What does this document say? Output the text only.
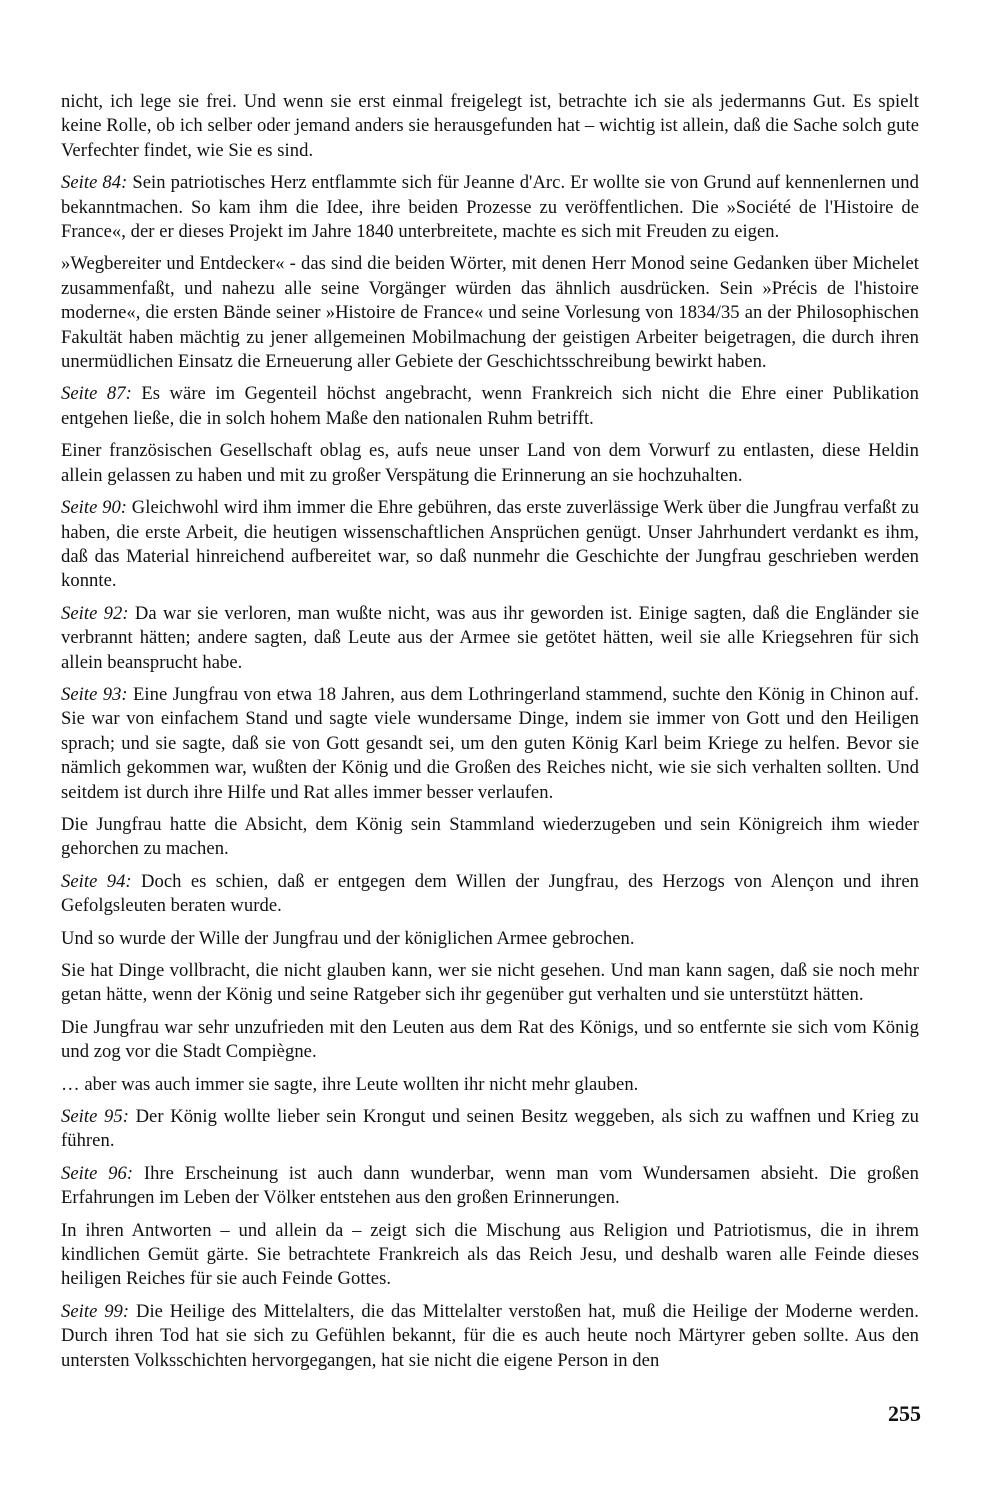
nicht, ich lege sie frei. Und wenn sie erst einmal freigelegt ist, betrachte ich sie als jedermanns Gut. Es spielt keine Rolle, ob ich selber oder jemand anders sie herausgefunden hat – wichtig ist allein, daß die Sache solch gute Verfechter findet, wie Sie es sind.

Seite 84: Sein patriotisches Herz entflammte sich für Jeanne d'Arc. Er wollte sie von Grund auf kennenlernen und bekanntmachen. So kam ihm die Idee, ihre beiden Prozesse zu veröffentlichen. Die »Société de l'Histoire de France«, der er dieses Projekt im Jahre 1840 unterbreitete, machte es sich mit Freuden zu eigen.

»Wegbereiter und Entdecker« - das sind die beiden Wörter, mit denen Herr Monod seine Gedanken über Michelet zusammenfaßt, und nahezu alle seine Vorgänger würden das ähnlich ausdrücken. Sein »Précis de l'histoire moderne«, die ersten Bände seiner »Histoire de France« und seine Vorlesung von 1834/35 an der Philosophischen Fakultät haben mächtig zu jener allgemeinen Mobilmachung der geistigen Arbeiter beigetragen, die durch ihren unermüdlichen Einsatz die Erneuerung aller Gebiete der Geschichtsschreibung bewirkt haben.

Seite 87: Es wäre im Gegenteil höchst angebracht, wenn Frankreich sich nicht die Ehre einer Publikation entgehen ließe, die in solch hohem Maße den nationalen Ruhm betrifft.

Einer französischen Gesellschaft oblag es, aufs neue unser Land von dem Vorwurf zu entlasten, diese Heldin allein gelassen zu haben und mit zu großer Verspätung die Erinnerung an sie hochzuhalten.

Seite 90: Gleichwohl wird ihm immer die Ehre gebühren, das erste zuverlässige Werk über die Jungfrau verfaßt zu haben, die erste Arbeit, die heutigen wissenschaftlichen Ansprüchen genügt. Unser Jahrhundert verdankt es ihm, daß das Material hinreichend aufbereitet war, so daß nunmehr die Geschichte der Jungfrau geschrieben werden konnte.

Seite 92: Da war sie verloren, man wußte nicht, was aus ihr geworden ist. Einige sagten, daß die Engländer sie verbrannt hätten; andere sagten, daß Leute aus der Armee sie getötet hätten, weil sie alle Kriegsehren für sich allein beansprucht habe.

Seite 93: Eine Jungfrau von etwa 18 Jahren, aus dem Lothringerland stammend, suchte den König in Chinon auf. Sie war von einfachem Stand und sagte viele wundersame Dinge, indem sie immer von Gott und den Heiligen sprach; und sie sagte, daß sie von Gott gesandt sei, um den guten König Karl beim Kriege zu helfen. Bevor sie nämlich gekommen war, wußten der König und die Großen des Reiches nicht, wie sie sich verhalten sollten. Und seitdem ist durch ihre Hilfe und Rat alles immer besser verlaufen.

Die Jungfrau hatte die Absicht, dem König sein Stammland wiederzugeben und sein Königreich ihm wieder gehorchen zu machen.

Seite 94: Doch es schien, daß er entgegen dem Willen der Jungfrau, des Herzogs von Alençon und ihren Gefolgsleuten beraten wurde.

Und so wurde der Wille der Jungfrau und der königlichen Armee gebrochen.

Sie hat Dinge vollbracht, die nicht glauben kann, wer sie nicht gesehen. Und man kann sagen, daß sie noch mehr getan hätte, wenn der König und seine Ratgeber sich ihr gegenüber gut verhalten und sie unterstützt hätten.

Die Jungfrau war sehr unzufrieden mit den Leuten aus dem Rat des Königs, und so entfernte sie sich vom König und zog vor die Stadt Compiègne.

… aber was auch immer sie sagte, ihre Leute wollten ihr nicht mehr glauben.

Seite 95: Der König wollte lieber sein Krongut und seinen Besitz weggeben, als sich zu waffnen und Krieg zu führen.

Seite 96: Ihre Erscheinung ist auch dann wunderbar, wenn man vom Wundersamen absieht. Die großen Erfahrungen im Leben der Völker entstehen aus den großen Erinnerungen.

In ihren Antworten – und allein da – zeigt sich die Mischung aus Religion und Patriotismus, die in ihrem kindlichen Gemüt gärte. Sie betrachtete Frankreich als das Reich Jesu, und deshalb waren alle Feinde dieses heiligen Reiches für sie auch Feinde Gottes.

Seite 99: Die Heilige des Mittelalters, die das Mittelalter verstoßen hat, muß die Heilige der Moderne werden. Durch ihren Tod hat sie sich zu Gefühlen bekannt, für die es auch heute noch Märtyrer geben sollte. Aus den untersten Volksschichten hervorgegangen, hat sie nicht die eigene Person in den

255
